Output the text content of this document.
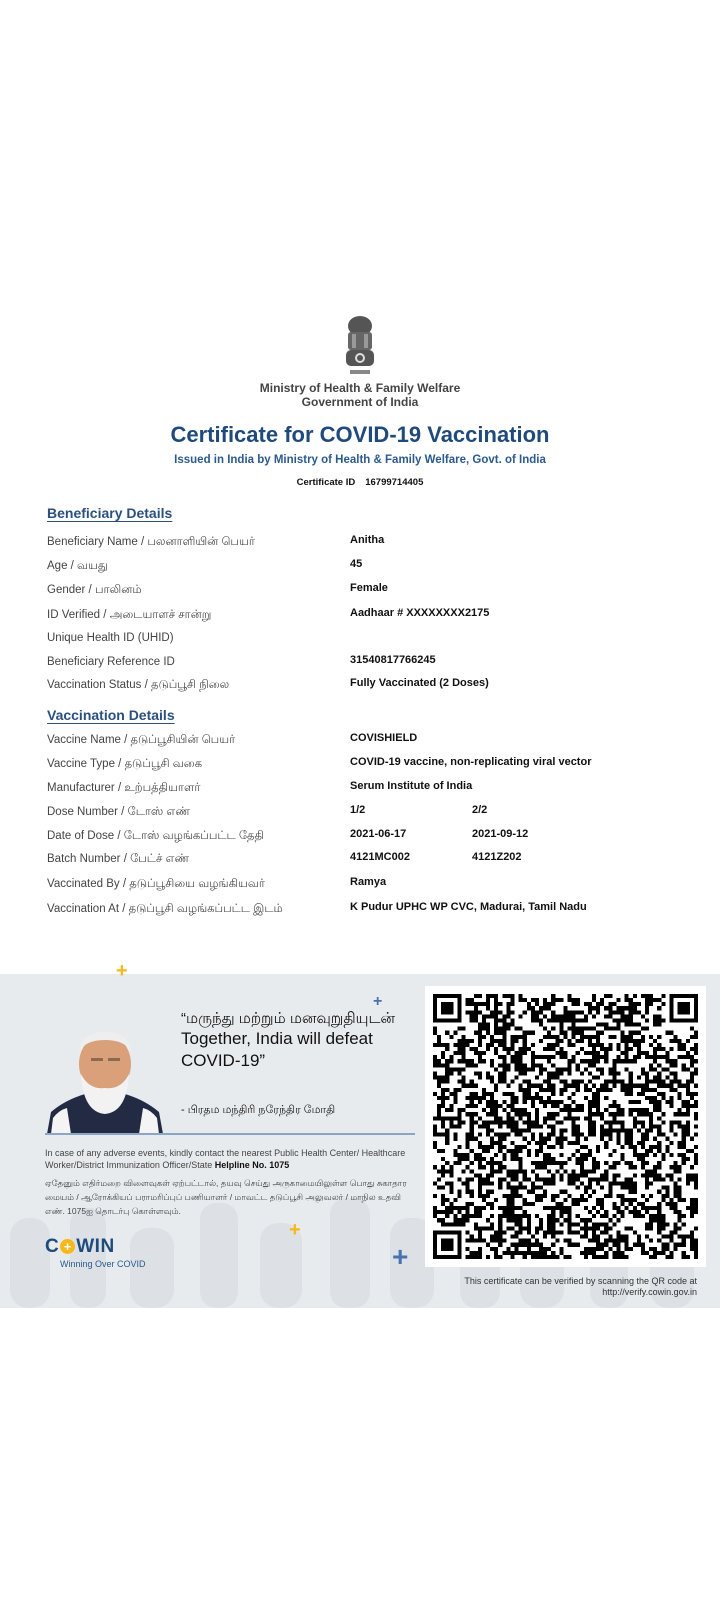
Ministry of Health & Family Welfare
Government of India
Certificate for COVID-19 Vaccination
Issued in India by Ministry of Health & Family Welfare, Govt. of India
Certificate ID 16799714405
Beneficiary Details
Beneficiary Name / பலனாளியின் பெயர்	Anitha
Age / வயது	45
Gender / பாலினம்	Female
ID Verified / அடையாளச் சான்று	Aadhaar # XXXXXXXX2175
Unique Health ID (UHID)
Beneficiary Reference ID	31540817766245
Vaccination Status / தடுப்பூசி நிலை	Fully Vaccinated (2 Doses)
Vaccination Details
Vaccine Name / தடுப்பூசியின் பெயர்	COVISHIELD
Vaccine Type / தடுப்பூசி வகை	COVID-19 vaccine, non-replicating viral vector
Manufacturer / உற்பத்தியாளர்	Serum Institute of India
Dose Number / டோஸ் எண்	1/2	2/2
Date of Dose / டோஸ் வழங்கப்பட்ட தேதி	2021-06-17	2021-09-12
Batch Number / பேட்ச் எண்	4121MC002	4121Z202
Vaccinated By / தடுப்பூசியை வழங்கியவர்	Ramya
Vaccination At / தடுப்பூசி வழங்கப்பட்ட இடம்	K Pudur UPHC WP CVC, Madurai, Tamil Nadu
+
+
+
+
“மருந்து மற்றும் மனவுறுதியுடன்
Together, India will defeat COVID-19”
- பிரதம மந்திரி நரேந்திர மோதி
In case of any adverse events, kindly contact the nearest Public Health Center/ Healthcare Worker/District Immunization Officer/State Helpline No. 1075
ஏதேனும் எதிர்மறை விளைவுகள் ஏற்பட்டால், தயவு செய்து அருகாமையிலுள்ள பொது சுகாதார மையம் / ஆரோக்கியப் பராமரிப்புப் பணியாளர் / மாவட்ட தடுப்பூசி அலுவலர் / மாநில உதவி எண். 1075ஐ தொடர்பு கொள்ளவும்.
C + WIN
Winning Over COVID
This certificate can be verified by scanning the QR code at
http://verify.cowin.gov.in
